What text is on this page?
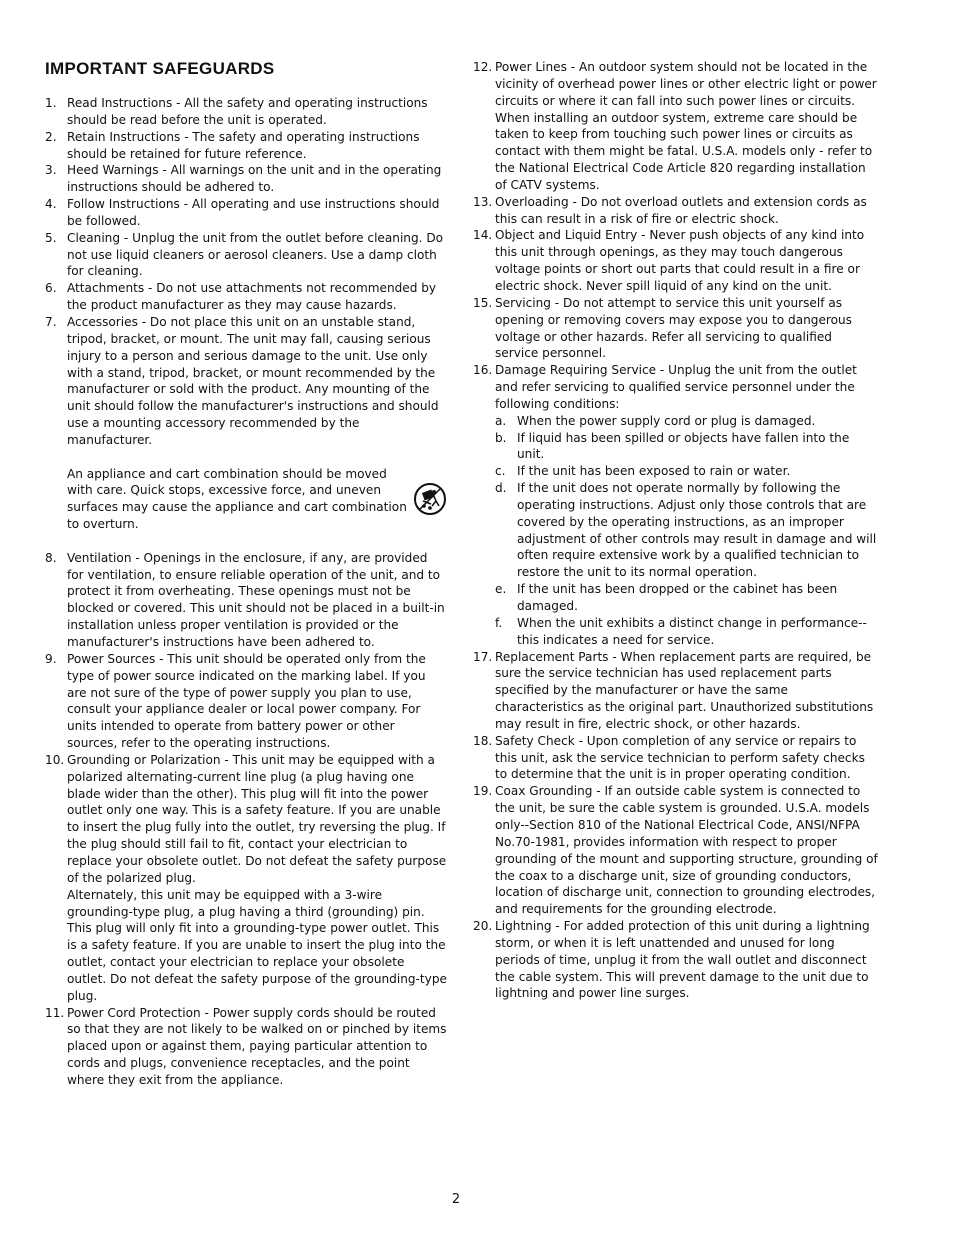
IMPORTANT SAFEGUARDS
1. Read Instructions - All the safety and operating instructions should be read before the unit is operated.
2. Retain Instructions - The safety and operating instructions should be retained for future reference.
3. Heed Warnings - All warnings on the unit and in the operating instructions should be adhered to.
4. Follow Instructions - All operating and use instructions should be followed.
5. Cleaning - Unplug the unit from the outlet before cleaning. Do not use liquid cleaners or aerosol cleaners. Use a damp cloth for cleaning.
6. Attachments - Do not use attachments not recommended by the product manufacturer as they may cause hazards.
7. Accessories - Do not place this unit on an unstable stand, tripod, bracket, or mount. The unit may fall, causing serious injury to a person and serious damage to the unit. Use only with a stand, tripod, bracket, or mount recommended by the manufacturer or sold with the product. Any mounting of the unit should follow the manufacturer's instructions and should use a mounting accessory recommended by the manufacturer.

An appliance and cart combination should be moved with care. Quick stops, excessive force, and uneven surfaces may cause the appliance and cart combination to overturn.
8. Ventilation - Openings in the enclosure, if any, are provided for ventilation, to ensure reliable operation of the unit, and to protect it from overheating. These openings must not be blocked or covered. This unit should not be placed in a built-in installation unless proper ventilation is provided or the manufacturer's instructions have been adhered to.
9. Power Sources - This unit should be operated only from the type of power source indicated on the marking label. If you are not sure of the type of power supply you plan to use, consult your appliance dealer or local power company. For units intended to operate from battery power or other sources, refer to the operating instructions.
10. Grounding or Polarization - This unit may be equipped with a polarized alternating-current line plug (a plug having one blade wider than the other). This plug will fit into the power outlet only one way. This is a safety feature. If you are unable to insert the plug fully into the outlet, try reversing the plug. If the plug should still fail to fit, contact your electrician to replace your obsolete outlet. Do not defeat the safety purpose of the polarized plug.

Alternately, this unit may be equipped with a 3-wire grounding-type plug, a plug having a third (grounding) pin. This plug will only fit into a grounding-type power outlet. This is a safety feature. If you are unable to insert the plug into the outlet, contact your electrician to replace your obsolete outlet. Do not defeat the safety purpose of the grounding-type plug.

11. Power Cord Protection - Power supply cords should be routed so that they are not likely to be walked on or pinched by items placed upon or against them, paying particular attention to cords and plugs, convenience receptacles, and the point where they exit from the appliance.
12. Power Lines - An outdoor system should not be located in the vicinity of overhead power lines or other electric light or power circuits or where it can fall into such power lines or circuits. When installing an outdoor system, extreme care should be taken to keep from touching such power lines or circuits as contact with them might be fatal. U.S.A. models only - refer to the National Electrical Code Article 820 regarding installation of CATV systems.
13. Overloading - Do not overload outlets and extension cords as this can result in a risk of fire or electric shock.
14. Object and Liquid Entry - Never push objects of any kind into this unit through openings, as they may touch dangerous voltage points or short out parts that could result in a fire or electric shock. Never spill liquid of any kind on the unit.
15. Servicing - Do not attempt to service this unit yourself as opening or removing covers may expose you to dangerous voltage or other hazards. Refer all servicing to qualified service personnel.
16. Damage Requiring Service - Unplug the unit from the outlet and refer servicing to qualified service personnel under the following conditions:

a. When the power supply cord or plug is damaged.
b. If liquid has been spilled or objects have fallen into the unit.
c. If the unit has been exposed to rain or water.
d. If the unit does not operate normally by following the operating instructions. Adjust only those controls that are covered by the operating instructions, as an improper adjustment of other controls may result in damage and will often require extensive work by a qualified technician to restore the unit to its normal operation.
e. If the unit has been dropped or the cabinet has been damaged.
f.	When the unit exhibits a distinct change in performance--this indicates a need for service.
17. Replacement Parts - When replacement parts are required, be sure the service technician has used replacement parts specified by the manufacturer or have the same characteristics as the original part. Unauthorized substitutions may result in fire, electric shock, or other hazards.
18. Safety Check - Upon completion of any service or repairs to this unit, ask the service technician to perform safety checks to determine that the unit is in proper operating condition.
19. Coax Grounding - If an outside cable system is connected to the unit, be sure the cable system is grounded. U.S.A. models only--Section 810 of the National Electrical Code, ANSI/NFPA No.70-1981, provides information with respect to proper grounding of the mount and supporting structure, grounding of the coax to a discharge unit, size of grounding conductors, location of discharge unit, connection to grounding electrodes, and requirements for the grounding electrode.
20. Lightning - For added protection of this unit during a lightning storm, or when it is left unattended and unused for long periods of time, unplug it from the wall outlet and disconnect the cable system. This will prevent damage to the unit due to lightning and power line surges.
2
